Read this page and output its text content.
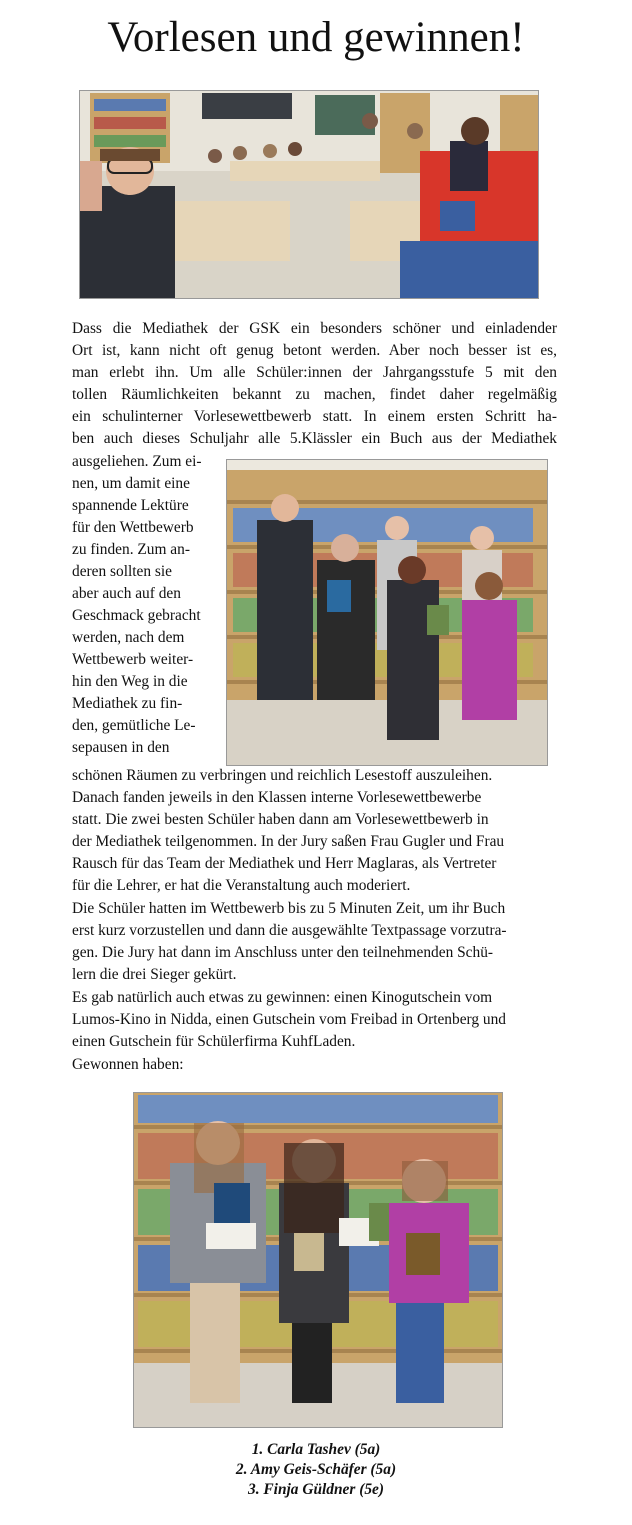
Vorlesen und gewinnen!
Dass die Mediathek der GSK ein besonders schöner und einladender
Ort ist, kann nicht oft genug betont werden. Aber noch besser ist es,
man erlebt ihn. Um alle Schüler:innen der Jahrgangsstufe 5 mit den
tollen Räumlichkeiten bekannt zu machen, findet daher regelmäßig
ein schulinterner Vorlesewettbewerb statt. In einem ersten Schritt ha-
ben auch dieses Schuljahr alle 5.Klässler ein Buch aus der Mediathek
ausgeliehen. Zum ei-
nen, um damit eine
spannende Lektüre
für den Wettbewerb
zu finden. Zum an-
deren sollten sie
aber auch auf den
Geschmack gebracht
werden, nach dem
Wettbewerb weiter-
hin den Weg in die
Mediathek zu fin-
den, gemütliche Le-
sepausen in den
schönen Räumen zu verbringen und reichlich Lesestoff auszuleihen.
Danach fanden jeweils in den Klassen interne Vorlesewettbewerbe
statt. Die zwei besten Schüler haben dann am Vorlesewettbewerb in
der Mediathek teilgenommen. In der Jury saßen Frau Gugler und Frau
Rausch für das Team der Mediathek und Herr Maglaras, als Vertreter
für die Lehrer, er hat die Veranstaltung auch moderiert.
Die Schüler hatten im Wettbewerb bis zu 5 Minuten Zeit, um ihr Buch
erst kurz vorzustellen und dann die ausgewählte Textpassage vorzutra-
gen. Die Jury hat dann im Anschluss unter den teilnehmenden Schü-
lern die drei Sieger gekürt.
Es gab natürlich auch etwas zu gewinnen: einen Kinogutschein vom
Lumos-Kino in Nidda, einen Gutschein vom Freibad in Ortenberg und
einen Gutschein für Schülerfirma KuhfLaden.
Gewonnen haben:
1. Carla Tashev (5a)
2. Amy Geis-Schäfer (5a)
3. Finja Güldner (5e)
